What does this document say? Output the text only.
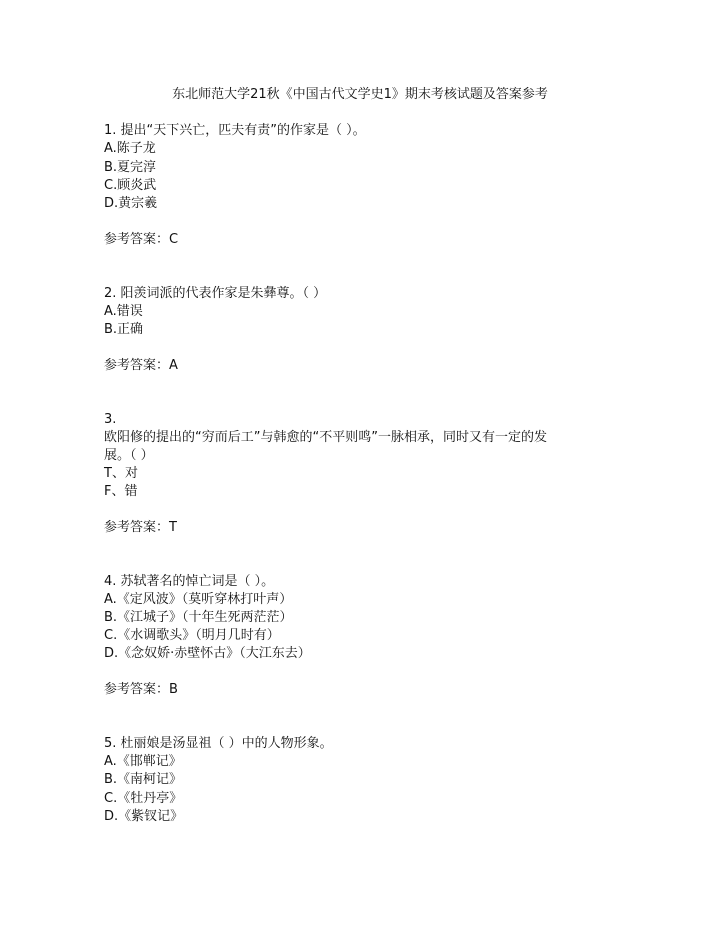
东北师范大学21秋《中国古代文学史1》期末考核试题及答案参考
1. 提出“天下兴亡，匹夫有责”的作家是（ ）。
A.陈子龙
B.夏完淳
C.顾炎武
D.黄宗羲
参考答案：C
2. 阳羡词派的代表作家是朱彝尊。（ ）
A.错误
B.正确
参考答案：A
3.
欧阳修的提出的“穷而后工”与韩愈的“不平则鸣”一脉相承，同时又有一定的发
展。（ ）
T、对
F、错
参考答案：T
4. 苏轼著名的悼亡词是（ ）。
A.《定风波》（莫听穿林打叶声）
B.《江城子》（十年生死两茫茫）
C.《水调歌头》（明月几时有）
D.《念奴娇·赤壁怀古》（大江东去）
参考答案：B
5. 杜丽娘是汤显祖（ ）中的人物形象。
A.《邯郸记》
B.《南柯记》
C.《牡丹亭》
D.《紫钗记》
